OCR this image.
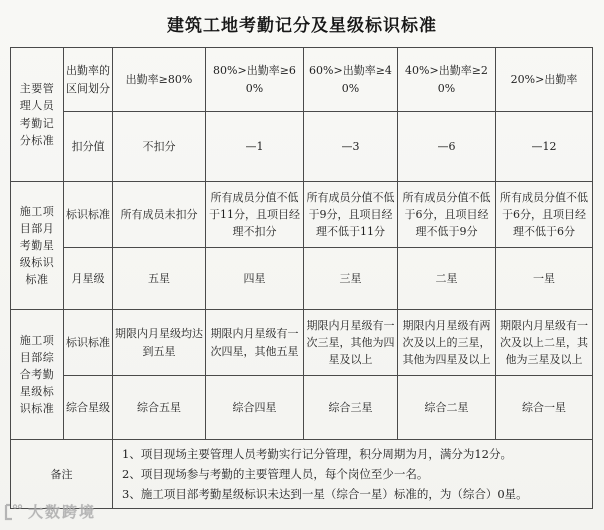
建筑工地考勤记分及星级标识标准
主要管理人员考勤记分标准	出勤率的区间划分	出勤率≥80%	80%>出勤率≥60%	60%>出勤率≥40%	40%>出勤率≥20%	20%>出勤率
	扣分值	不扣分	—1	—3	—6	—12
施工项目部月考勤星级标识标准	标识标准	所有成员未扣分	所有成员分值不低于11分，且项目经理不扣分	所有成员分值不低于9分，且项目经理不低于11分	所有成员分值不低于6分，且项目经理不低于9分	所有成员分值不低于6分，且项目经理不低于6分
	月星级	五星	四星	三星	二星	一星
施工项目部综合考勤星级标识标准	标识标准	期限内月星级均达到五星	期限内月星级有一次四星，其他五星	期限内月星级有一次三星，其他为四星及以上	期限内月星级有两次及以上的三星，其他为四星及以上	期限内月星级有一次及以上二星，其他为三星及以上
	综合星级	综合五星	综合四星	综合三星	综合二星	综合一星
备注		1、项目现场主要管理人员考勤实行记分管理，积分周期为月，满分为12分。
2、项目现场参与考勤的主要管理人员，每个岗位至少一名。
3、施工项目部考勤星级标识未达到一星（综合一星）标准的，为（综合）0星。				
大数跨境
